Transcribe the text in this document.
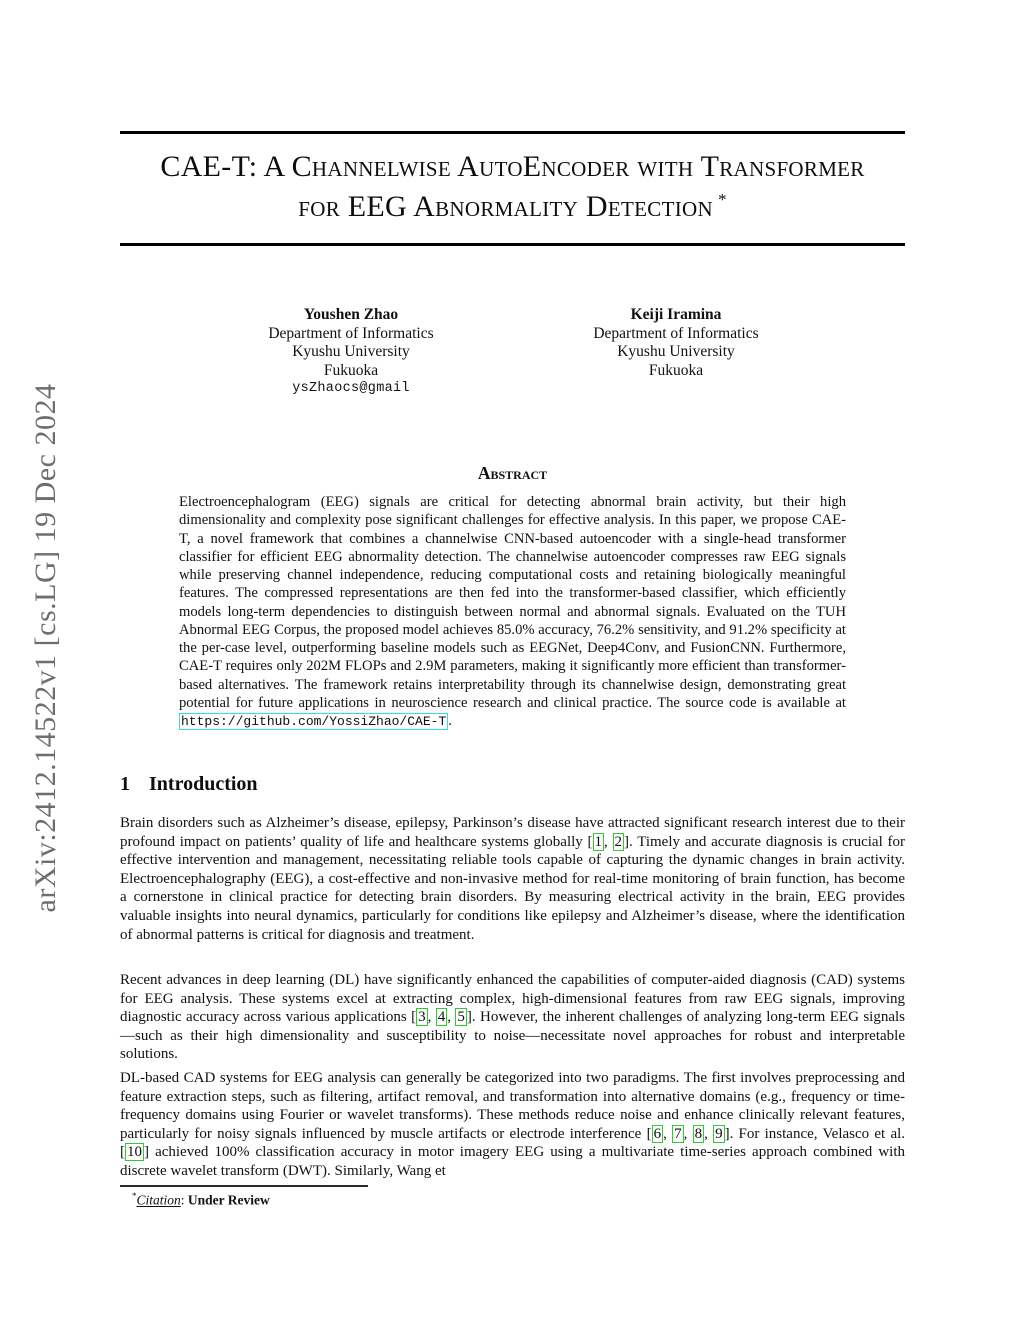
arXiv:2412.14522v1 [cs.LG] 19 Dec 2024
CAE-T: A Channelwise AutoEncoder with Transformer
for EEG Abnormality Detection *
Youshen Zhao
Department of Informatics
Kyushu University
Fukuoka
ysZhaocs@gmail
Keiji Iramina
Department of Informatics
Kyushu University
Fukuoka
Abstract
Electroencephalogram (EEG) signals are critical for detecting abnormal brain activity, but their high dimensionality and complexity pose significant challenges for effective analysis. In this paper, we propose CAE-T, a novel framework that combines a channelwise CNN-based autoencoder with a single-head transformer classifier for efficient EEG abnormality detection. The channelwise autoencoder compresses raw EEG signals while preserving channel independence, reducing computational costs and retaining biologically meaningful features. The compressed representations are then fed into the transformer-based classifier, which efficiently models long-term dependencies to distinguish between normal and abnormal signals. Evaluated on the TUH Abnormal EEG Corpus, the proposed model achieves 85.0% accuracy, 76.2% sensitivity, and 91.2% specificity at the per-case level, outperforming baseline models such as EEGNet, Deep4Conv, and FusionCNN. Furthermore, CAE-T requires only 202M FLOPs and 2.9M parameters, making it significantly more efficient than transformer-based alternatives. The framework retains interpretability through its channelwise design, demonstrating great potential for future applications in neuroscience research and clinical practice. The source code is available at https://github.com/YossiZhao/CAE-T .
1 Introduction
Brain disorders such as Alzheimer’s disease, epilepsy, Parkinson’s disease have attracted significant research interest due to their profound impact on patients’ quality of life and healthcare systems globally [ 1 , 2 ]. Timely and accurate diagnosis is crucial for effective intervention and management, necessitating reliable tools capable of capturing the dynamic changes in brain activity. Electroencephalography (EEG), a cost-effective and non-invasive method for real-time monitoring of brain function, has become a cornerstone in clinical practice for detecting brain disorders. By measuring electrical activity in the brain, EEG provides valuable insights into neural dynamics, particularly for conditions like epilepsy and Alzheimer’s disease, where the identification of abnormal patterns is critical for diagnosis and treatment.
Recent advances in deep learning (DL) have significantly enhanced the capabilities of computer-aided diagnosis (CAD) systems for EEG analysis. These systems excel at extracting complex, high-dimensional features from raw EEG signals, improving diagnostic accuracy across various applications [ 3 , 4 , 5 ]. However, the inherent challenges of analyzing long-term EEG signals—such as their high dimensionality and susceptibility to noise—necessitate novel approaches for robust and interpretable solutions.
DL-based CAD systems for EEG analysis can generally be categorized into two paradigms. The first involves preprocessing and feature extraction steps, such as filtering, artifact removal, and transformation into alternative domains (e.g., frequency or time-frequency domains using Fourier or wavelet transforms). These methods reduce noise and enhance clinically relevant features, particularly for noisy signals influenced by muscle artifacts or electrode interference [ 6 , 7 , 8 , 9 ]. For instance, Velasco et al. [ 10 ] achieved 100% classification accuracy in motor imagery EEG using a multivariate time-series approach combined with discrete wavelet transform (DWT). Similarly, Wang et
*Citation: Under Review
